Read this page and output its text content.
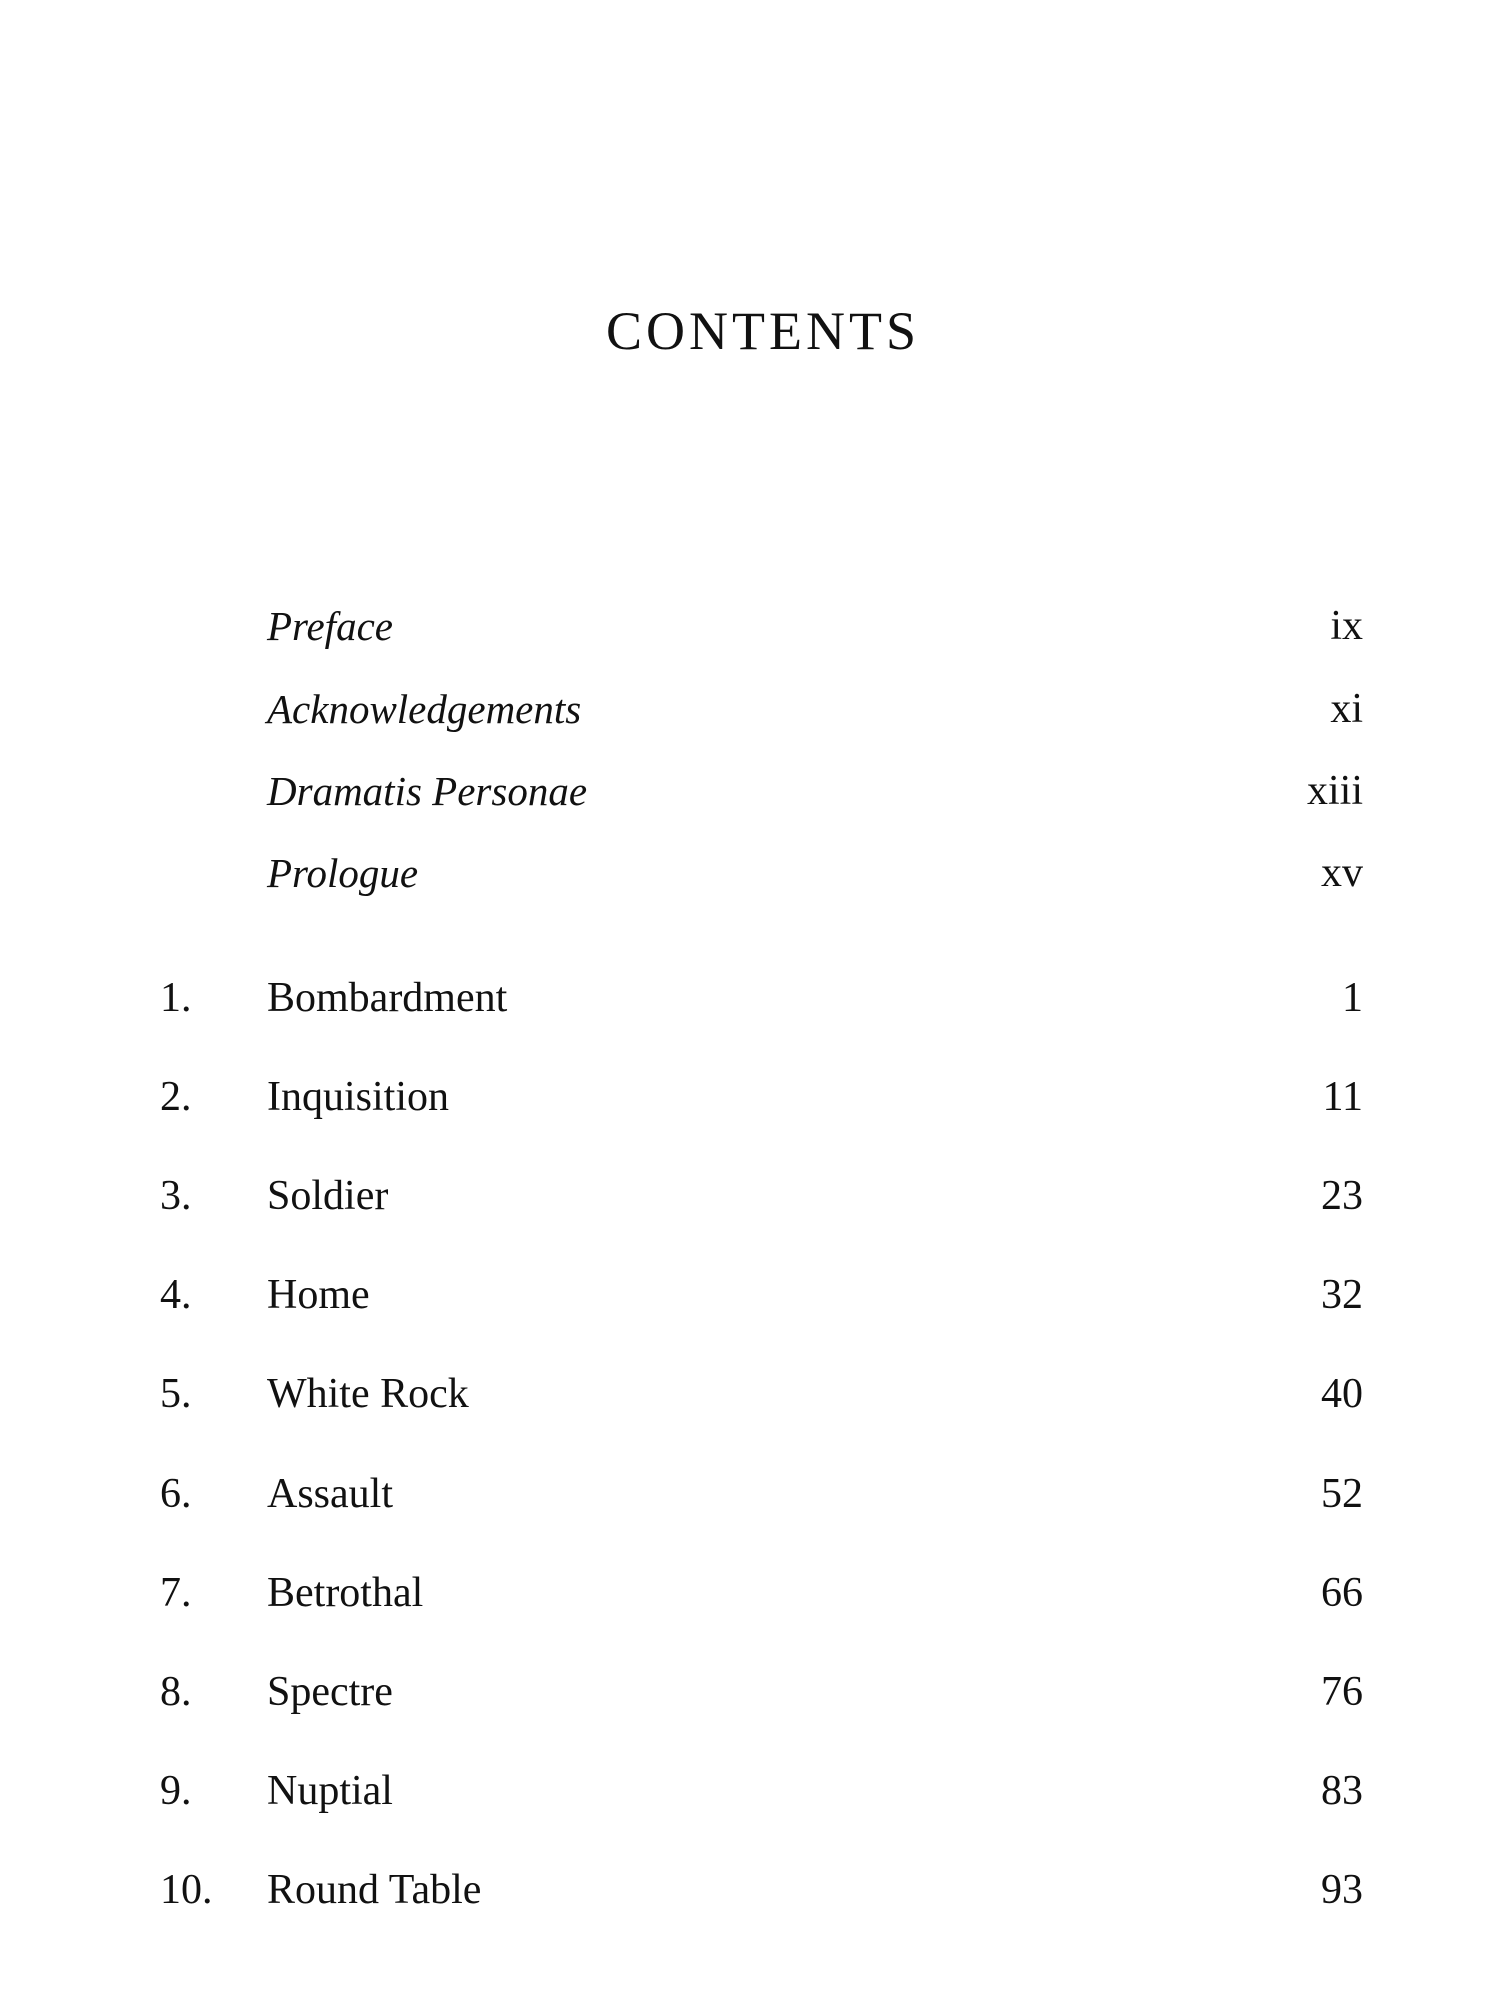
CONTENTS
Preface	ix
Acknowledgements	xi
Dramatis Personae	xiii
Prologue	xv
1. Bombardment	1
2. Inquisition	11
3. Soldier	23
4. Home	32
5. White Rock	40
6. Assault	52
7. Betrothal	66
8. Spectre	76
9. Nuptial	83
10. Round Table	93
